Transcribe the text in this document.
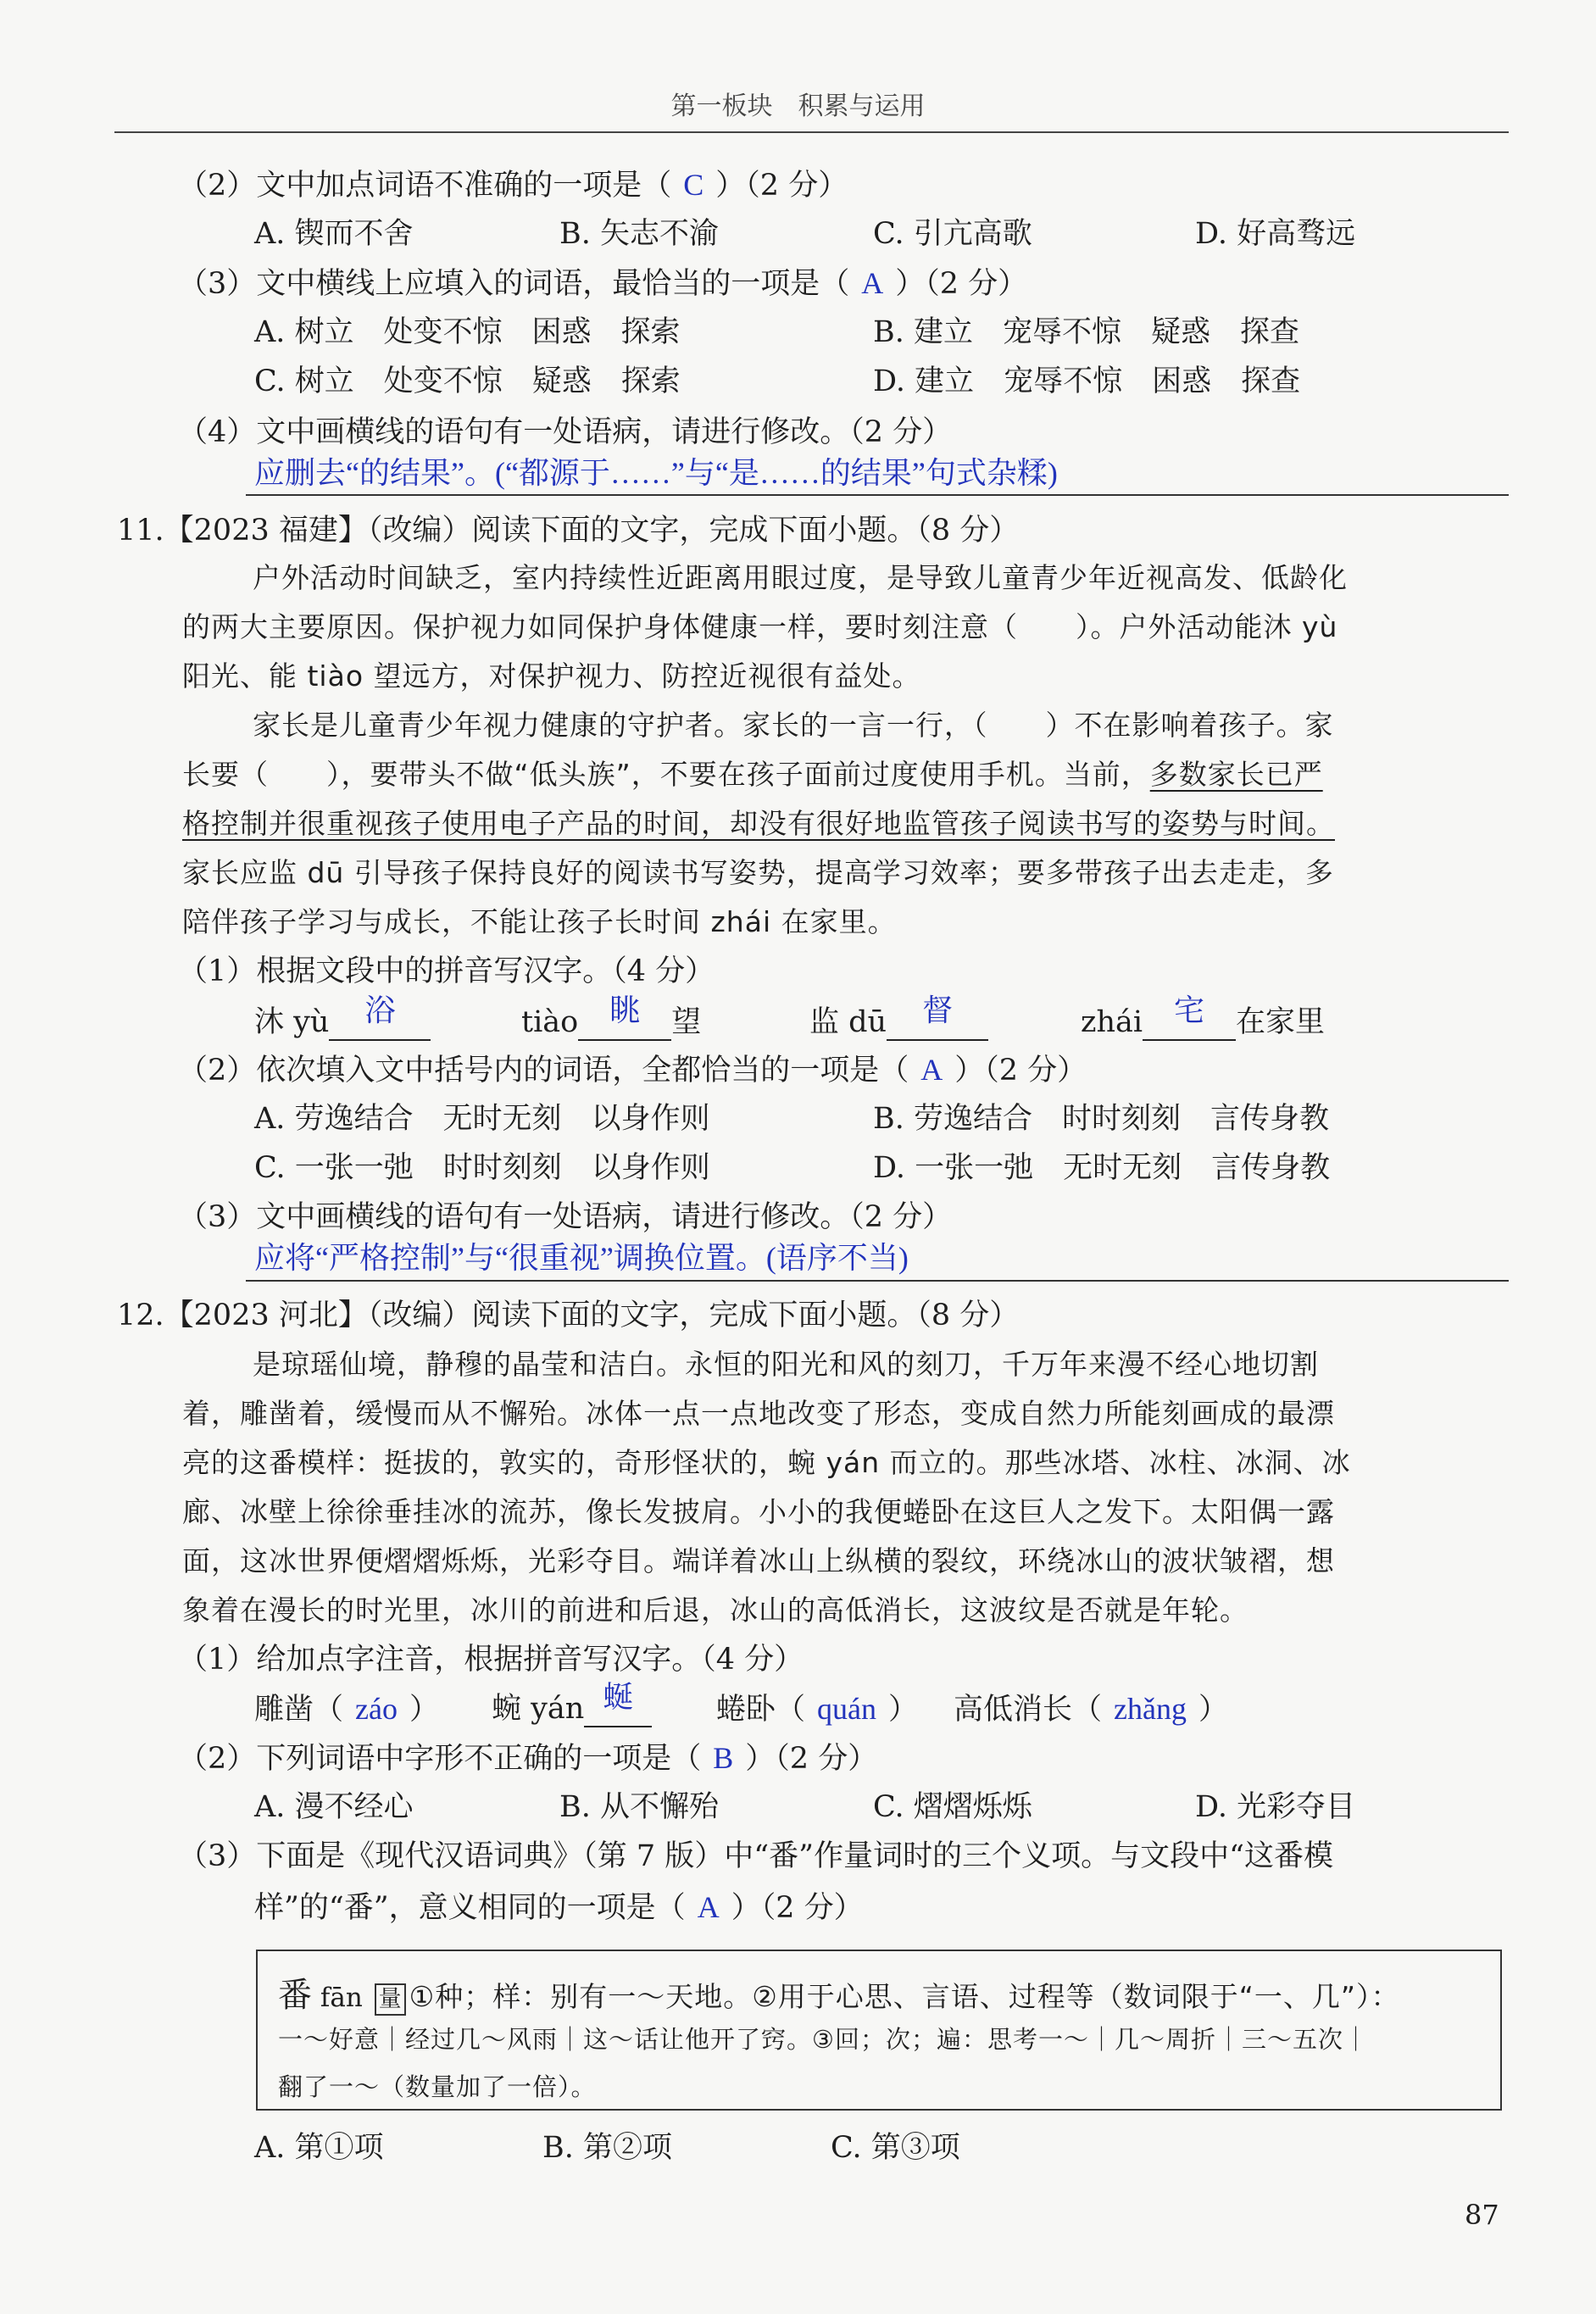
第一板块　积累与运用
（2）文中加点词语不准确的一项是（ C ）（2 分）
A. 锲而不舍	B. 矢志不渝	C. 引亢高歌	D. 好高骛远
（3）文中横线上应填入的词语，最恰当的一项是（ A ）（2 分）
A. 树立　处变不惊　困惑　探索	B. 建立　宠辱不惊　疑惑　探查
C. 树立　处变不惊　疑惑　探索	D. 建立　宠辱不惊　困惑　探查
（4）文中画横线的语句有一处语病，请进行修改。（2 分）
应删去“的结果”。(“都源于……”与“是……的结果”句式杂糅)
11.【2023 福建】（改编）阅读下面的文字，完成下面小题。（8 分）
户外活动时间缺乏，室内持续性近距离用眼过度，是导致儿童青少年近视高发、低龄化
的两大主要原因。保护视力如同保护身体健康一样，要时刻注意（　　）。户外活动能沐 yù
阳光、能 tiào 望远方，对保护视力、防控近视很有益处。
家长是儿童青少年视力健康的守护者。家长的一言一行，（　　）不在影响着孩子。家
长要（　　），要带头不做“低头族”，不要在孩子面前过度使用手机。当前，多数家长已严
格控制并很重视孩子使用电子产品的时间，却没有很好地监管孩子阅读书写的姿势与时间。
家长应监 dū 引导孩子保持良好的阅读书写姿势，提高学习效率；要多带孩子出去走走，多
陪伴孩子学习与成长，不能让孩子长时间 zhái 在家里。
（1）根据文段中的拼音写汉字。（4 分）
沐 yù 浴	tiào 眺 望	监 dū 督	zhái 宅 在家里
（2）依次填入文中括号内的词语，全都恰当的一项是（ A ）（2 分）
A. 劳逸结合　无时无刻　以身作则	B. 劳逸结合　时时刻刻　言传身教
C. 一张一弛　时时刻刻　以身作则	D. 一张一弛　无时无刻　言传身教
（3）文中画横线的语句有一处语病，请进行修改。（2 分）
应将“严格控制”与“很重视”调换位置。(语序不当)
12.【2023 河北】（改编）阅读下面的文字，完成下面小题。（8 分）
是琼瑶仙境，静穆的晶莹和洁白。永恒的阳光和风的刻刀，千万年来漫不经心地切割
着，雕凿着，缓慢而从不懈殆。冰体一点一点地改变了形态，变成自然力所能刻画成的最漂
亮的这番模样：挺拔的，敦实的，奇形怪状的，蜿 yán 而立的。那些冰塔、冰柱、冰洞、冰
廊、冰壁上徐徐垂挂冰的流苏，像长发披肩。小小的我便蜷卧在这巨人之发下。太阳偶一露
面，这冰世界便熠熠烁烁，光彩夺目。端详着冰山上纵横的裂纹，环绕冰山的波状皱褶，想
象着在漫长的时光里，冰川的前进和后退，冰山的高低消长，这波纹是否就是年轮。
（1）给加点字注音，根据拼音写汉字。（4 分）
雕凿（ záo ） 蜿 yán 蜒	蜷卧（ quán ） 高低消长（ zhǎng ）
（2）下列词语中字形不正确的一项是（ B ）（2 分）
A. 漫不经心	B. 从不懈殆	C. 熠熠烁烁	D. 光彩夺目
（3）下面是《现代汉语词典》（第 7 版）中“番”作量词时的三个义项。与文段中“这番模
样”的“番”，意义相同的一项是（ A ）（2 分）
番 fān 量 ①种；样：别有一～天地。②用于心思、言语、过程等（数词限于“一、几”）：
一～好意｜经过几～风雨｜这～话让他开了窍。③回；次；遍：思考一～｜几～周折｜三～五次｜
翻了一～（数量加了一倍）。
A. 第①项	B. 第②项	C. 第③项
87
